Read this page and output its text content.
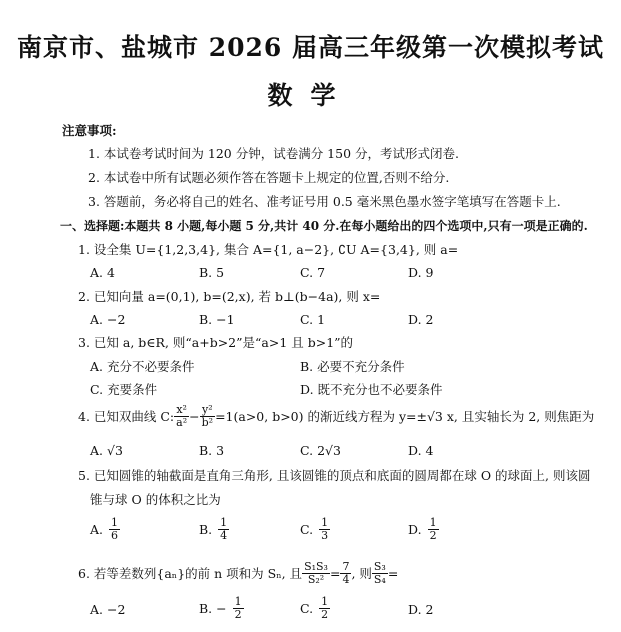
南京市、盐城市 2026 届高三年级第一次模拟考试
数学
注意事项:
1. 本试卷考试时间为 120 分钟，试卷满分 150 分，考试形式闭卷.
2. 本试卷中所有试题必须作答在答题卡上规定的位置,否则不给分.
3. 答题前，务必将自己的姓名、准考证号用 0.5 毫米黑色墨水签字笔填写在答题卡上.
一、选择题:本题共 8 小题,每小题 5 分,共计 40 分.在每小题给出的四个选项中,只有一项是正确的.
1. 设全集 U={1,2,3,4}, 集合 A={1, a−2}, ∁U A={3,4}, 则 a=
A. 4	B. 5	C. 7	D. 9
2. 已知向量 a=(0,1), b=(2,x), 若 b⊥(b−4a), 则 x=
A. −2	B. −1	C. 1	D. 2
3. 已知 a, b∈R, 则“a+b>2”是“a>1 且 b>1”的
A. 充分不必要条件	B. 必要不充分条件
C. 充要条件	D. 既不充分也不必要条件
4. 已知双曲线 C: $\frac{\text{x²}}{\text{a²}} - \frac{\text{y²}}{\text{b²}} =1(a>0$, b>0) 的渐近线方程为 y=±√3 x, 且实轴长为 2, 则焦距为
A. √3	B. 3	C. 2√3	D. 4
5. 已知圆锥的轴截面是直角三角形, 且该圆锥的顶点和底面的圆周都在球 O 的球面上, 则该圆
锥与球 O 的体积之比为
A. $\frac{1}{6}$	B. $\frac{1}{4}$	C. $\frac{1}{3}$	D. $\frac{1}{2}$
6. 若等差数列{aₙ}的前 n 项和为 Sₙ, 且 $\frac{\text{S₁S₃}}{\text{S₂²}} = \frac{7}{4}$ , 则 $\frac{\text{S₃}}{\text{S₄}}$ =
A. −2	B. − $\frac{1}{2}$	C. $\frac{1}{2}$	D. 2
